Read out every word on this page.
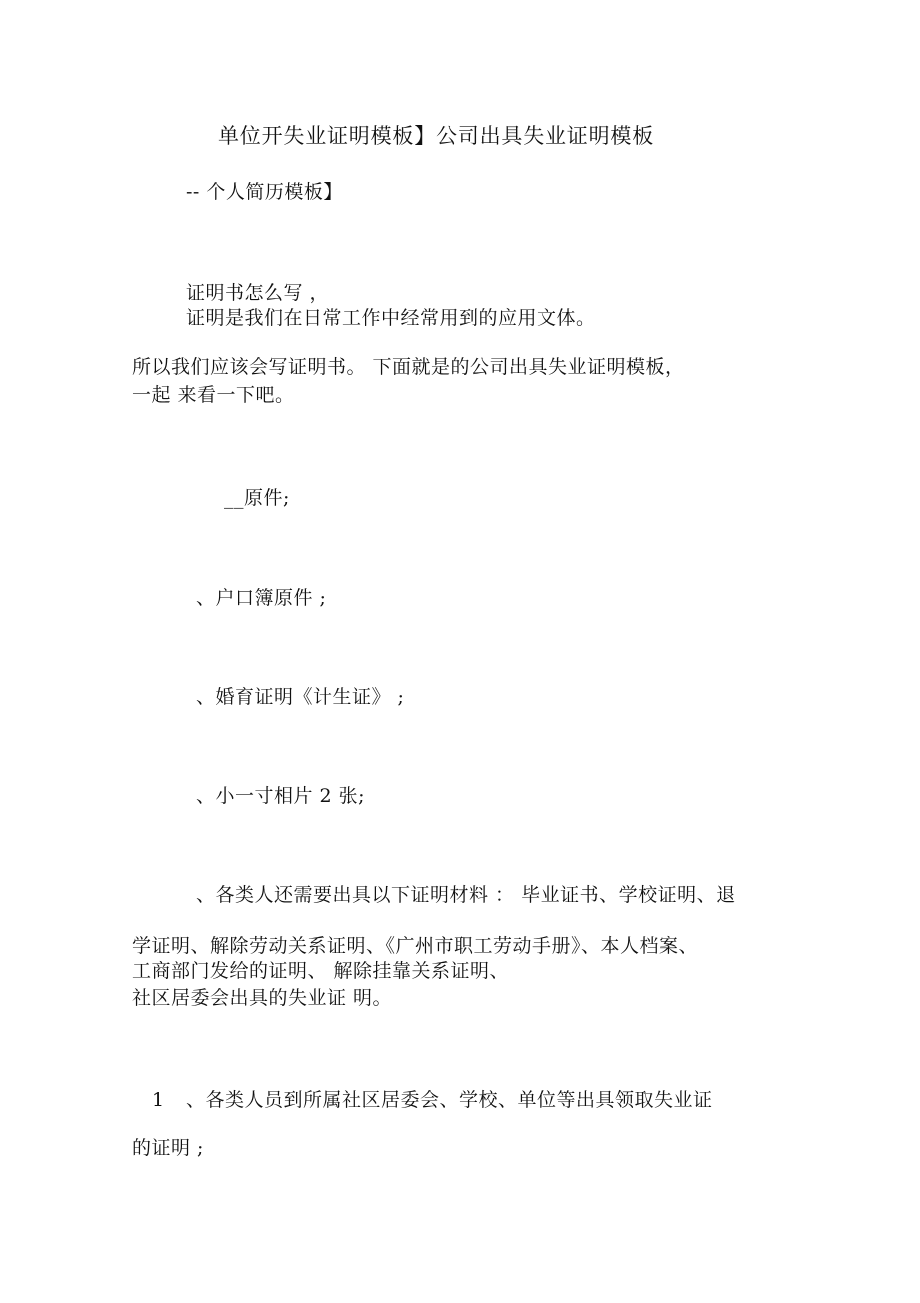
单位开失业证明模板】公司出具失业证明模板
-- 个人简历模板】
证明书怎么写 ，
证明是我们在日常工作中经常用到的应用文体。
所以我们应该会写证明书。 下面就是的公司出具失业证明模板，
一起 来看一下吧。
__原件;
、户口簿原件 ;
、婚育证明《计生证》 ;
、小一寸相片 2 张;
、各类人还需要出具以下证明材料 ： 毕业证书、学校证明、退
学证明、解除劳动关系证明、《广州市职工劳动手册》、本人档案、
工商部门发给的证明、 解除挂靠关系证明、
社区居委会出具的失业证 明。
1 、各类人员到所属社区居委会、学校、单位等出具领取失业证
的证明 ;
